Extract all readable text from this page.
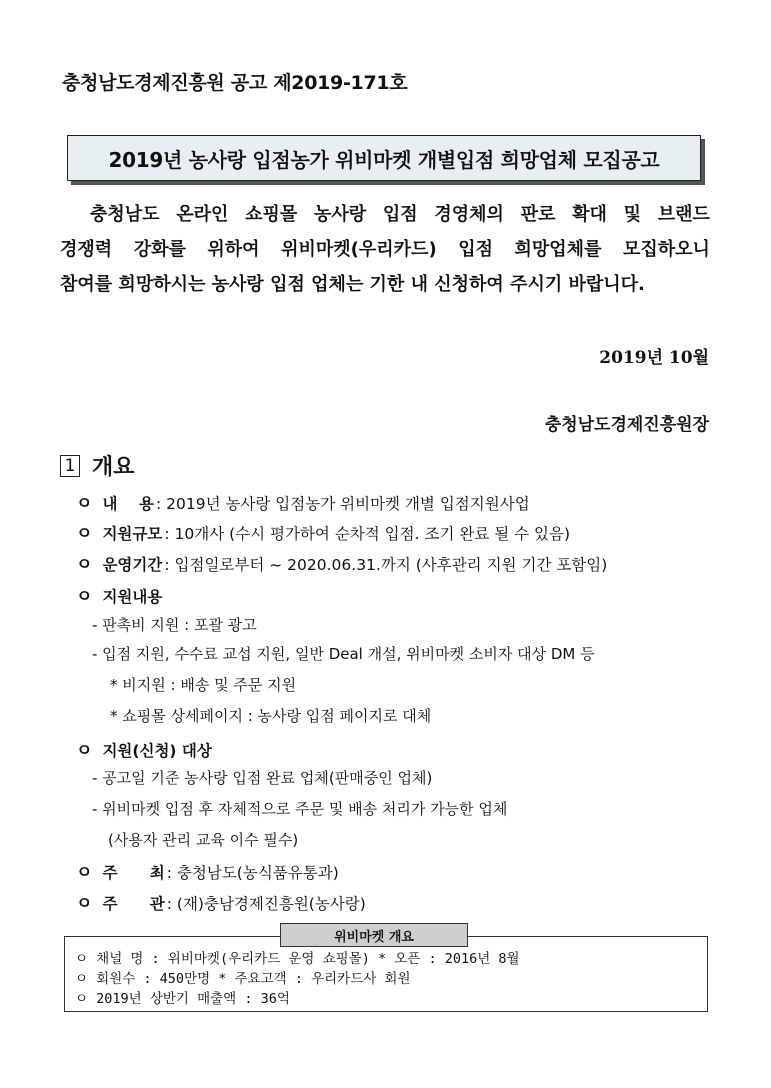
충청남도경제진흥원 공고 제2019-171호
2019년 농사랑 입점농가 위비마켓 개별입점 희망업체 모집공고
충청남도 온라인 쇼핑몰 농사랑 입점 경영체의 판로 확대 및 브랜드
경쟁력 강화를 위하여 위비마켓(우리카드) 입점 희망업체를 모집하오니
참여를 희망하시는 농사랑 입점 업체는 기한 내 신청하여 주시기 바랍니다.
2019년 10월
충청남도경제진흥원장
1 개요
ㅇ 내    용 : 2019년 농사랑 입점농가 위비마켓 개별 입점지원사업
ㅇ 지원규모 : 10개사 (수시 평가하여 순차적 입점. 조기 완료 될 수 있음)
ㅇ 운영기간 : 입점일로부터 ~ 2020.06.31.까지 (사후관리 지원 기간 포함임)
ㅇ 지원내용
- 판촉비 지원 : 포괄 광고
- 입점 지원, 수수료 교섭 지원, 일반 Deal 개설, 위비마켓 소비자 대상 DM 등
* 비지원 : 배송 및 주문 지원
* 쇼핑몰 상세페이지 : 농사랑 입점 페이지로 대체
ㅇ 지원(신청) 대상
- 공고일 기준 농사랑 입점 완료 업체(판매중인 업체)
- 위비마켓 입점 후 자체적으로 주문 및 배송 처리가 가능한 업체
(사용자 관리 교육 이수 필수)
ㅇ 주      최 : 충청남도(농식품유통과)
ㅇ 주      관 : (재)충남경제진흥원(농사랑)
ㅇ 채널 명 : 위비마켓(우리카드 운영 쇼핑몰) * 오픈 : 2016년 8월
ㅇ 회원수 : 450만명 * 주요고객 : 우리카드사 회원
ㅇ 2019년 상반기 매출액 : 36억
위비마켓 개요
